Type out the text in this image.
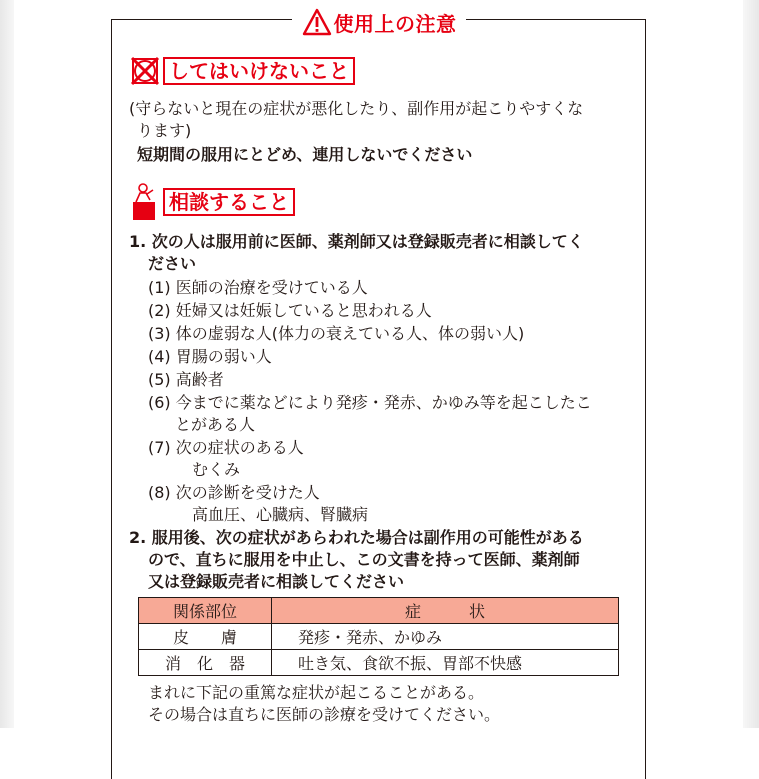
使用上の注意
してはいけないこと
(守らないと現在の症状が悪化したり、副作用が起こりやすくな
ります)
短期間の服用にとどめ、連用しないでください
相談すること
1. 次の人は服用前に医師、薬剤師又は登録販売者に相談してく
ださい
(1) 医師の治療を受けている人
(2) 妊婦又は妊娠していると思われる人
(3) 体の虚弱な人(体力の衰えている人、体の弱い人)
(4) 胃腸の弱い人
(5) 高齢者
(6) 今までに薬などにより発疹・発赤、かゆみ等を起こしたこ
とがある人
(7) 次の症状のある人
むくみ
(8) 次の診断を受けた人
高血圧、心臓病、腎臓病
2. 服用後、次の症状があらわれた場合は副作用の可能性がある
ので、直ちに服用を中止し、この文書を持って医師、薬剤師
又は登録販売者に相談してください
関係部位	症　　　状
皮　　膚	発疹・発赤、かゆみ
消　化　器	吐き気、食欲不振、胃部不快感
まれに下記の重篤な症状が起こることがある。
その場合は直ちに医師の診療を受けてください。
